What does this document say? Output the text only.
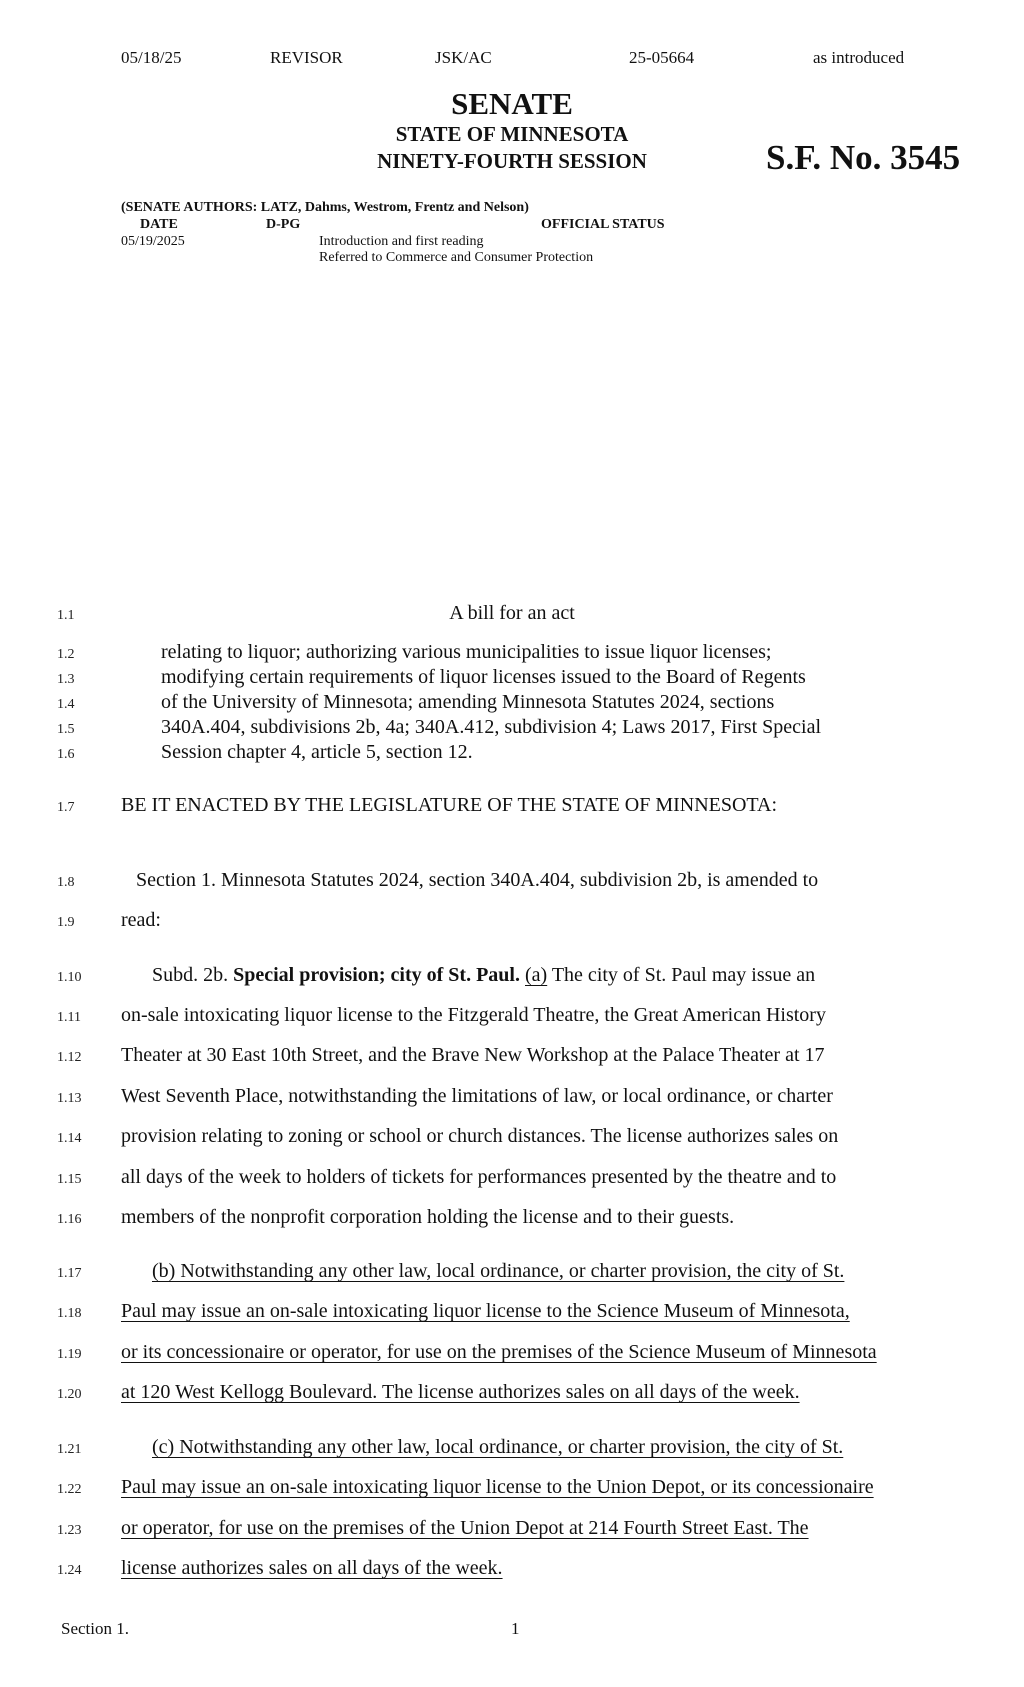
05/18/25	REVISOR	JSK/AC	25-05664	as introduced
SENATE
STATE OF MINNESOTA
NINETY-FOURTH SESSION	S.F. No. 3545
(SENATE AUTHORS: LATZ, Dahms, Westrom, Frentz and Nelson)
DATE	D-PG	OFFICIAL STATUS
05/19/2025	Introduction and first reading
Referred to Commerce and Consumer Protection
1.1
1.2
1.3
1.4
1.5
1.6
1.7
1.8
1.9
1.10
1.11
1.12
1.13
1.14
1.15
1.16
1.17
1.18
1.19
1.20
1.21
1.22
1.23
1.24
A bill for an act
relating to liquor; authorizing various municipalities to issue liquor licenses;
modifying certain requirements of liquor licenses issued to the Board of Regents
of the University of Minnesota; amending Minnesota Statutes 2024, sections
340A.404, subdivisions 2b, 4a; 340A.412, subdivision 4; Laws 2017, First Special
Session chapter 4, article 5, section 12.
BE IT ENACTED BY THE LEGISLATURE OF THE STATE OF MINNESOTA:
Section 1. Minnesota Statutes 2024, section 340A.404, subdivision 2b, is amended to
read:
Subd. 2b. Special provision; city of St. Paul. (a) The city of St. Paul may issue an
on-sale intoxicating liquor license to the Fitzgerald Theatre, the Great American History
Theater at 30 East 10th Street, and the Brave New Workshop at the Palace Theater at 17
West Seventh Place, notwithstanding the limitations of law, or local ordinance, or charter
provision relating to zoning or school or church distances. The license authorizes sales on
all days of the week to holders of tickets for performances presented by the theatre and to
members of the nonprofit corporation holding the license and to their guests.
(b) Notwithstanding any other law, local ordinance, or charter provision, the city of St.
Paul may issue an on-sale intoxicating liquor license to the Science Museum of Minnesota,
or its concessionaire or operator, for use on the premises of the Science Museum of Minnesota
at 120 West Kellogg Boulevard. The license authorizes sales on all days of the week.
(c) Notwithstanding any other law, local ordinance, or charter provision, the city of St.
Paul may issue an on-sale intoxicating liquor license to the Union Depot, or its concessionaire
or operator, for use on the premises of the Union Depot at 214 Fourth Street East. The
license authorizes sales on all days of the week.
Section 1.	1
